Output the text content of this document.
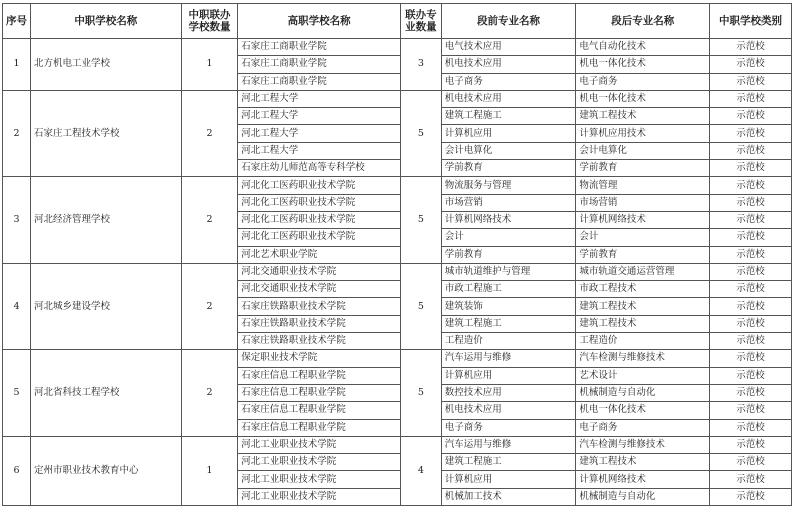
序号	中职学校名称	中职联办 学校数量	高职学校名称	联办专 业数量	段前专业名称	段后专业名称	中职学校类别
1	北方机电工业学校	1	石家庄工商职业学院	3	电气技术应用	电气自动化技术	示范校
			石家庄工商职业学院		机电技术应用	机电一体化技术	示范校
			石家庄工商职业学院		电子商务	电子商务	示范校
2	石家庄工程技术学校	2	河北工程大学	5	机电技术应用	机电一体化技术	示范校
			河北工程大学		建筑工程施工	建筑工程技术	示范校
			河北工程大学		计算机应用	计算机应用技术	示范校
			河北工程大学		会计电算化	会计电算化	示范校
			石家庄幼儿师范高等专科学校		学前教育	学前教育	示范校
3	河北经济管理学校	2	河北化工医药职业技术学院	5	物流服务与管理	物流管理	示范校
			河北化工医药职业技术学院		市场营销	市场营销	示范校
			河北化工医药职业技术学院		计算机网络技术	计算机网络技术	示范校
			河北化工医药职业技术学院		会计	会计	示范校
			河北艺术职业学院		学前教育	学前教育	示范校
4	河北城乡建设学校	2	河北交通职业技术学院	5	城市轨道维护与管理	城市轨道交通运营管理	示范校
			河北交通职业技术学院		市政工程施工	市政工程技术	示范校
			石家庄铁路职业技术学院		建筑装饰	建筑工程技术	示范校
			石家庄铁路职业技术学院		建筑工程施工	建筑工程技术	示范校
			石家庄铁路职业技术学院		工程造价	工程造价	示范校
5	河北省科技工程学校	2	保定职业技术学院	5	汽车运用与维修	汽车检测与维修技术	示范校
			石家庄信息工程职业学院		计算机应用	艺术设计	示范校
			石家庄信息工程职业学院		数控技术应用	机械制造与自动化	示范校
			石家庄信息工程职业学院		机电技术应用	机电一体化技术	示范校
			石家庄信息工程职业学院		电子商务	电子商务	示范校
6	定州市职业技术教育中心	1	河北工业职业技术学院	4	汽车运用与维修	汽车检测与维修技术	示范校
			河北工业职业技术学院		建筑工程施工	建筑工程技术	示范校
			河北工业职业技术学院		计算机应用	计算机网络技术	示范校
			河北工业职业技术学院		机械加工技术	机械制造与自动化	示范校
